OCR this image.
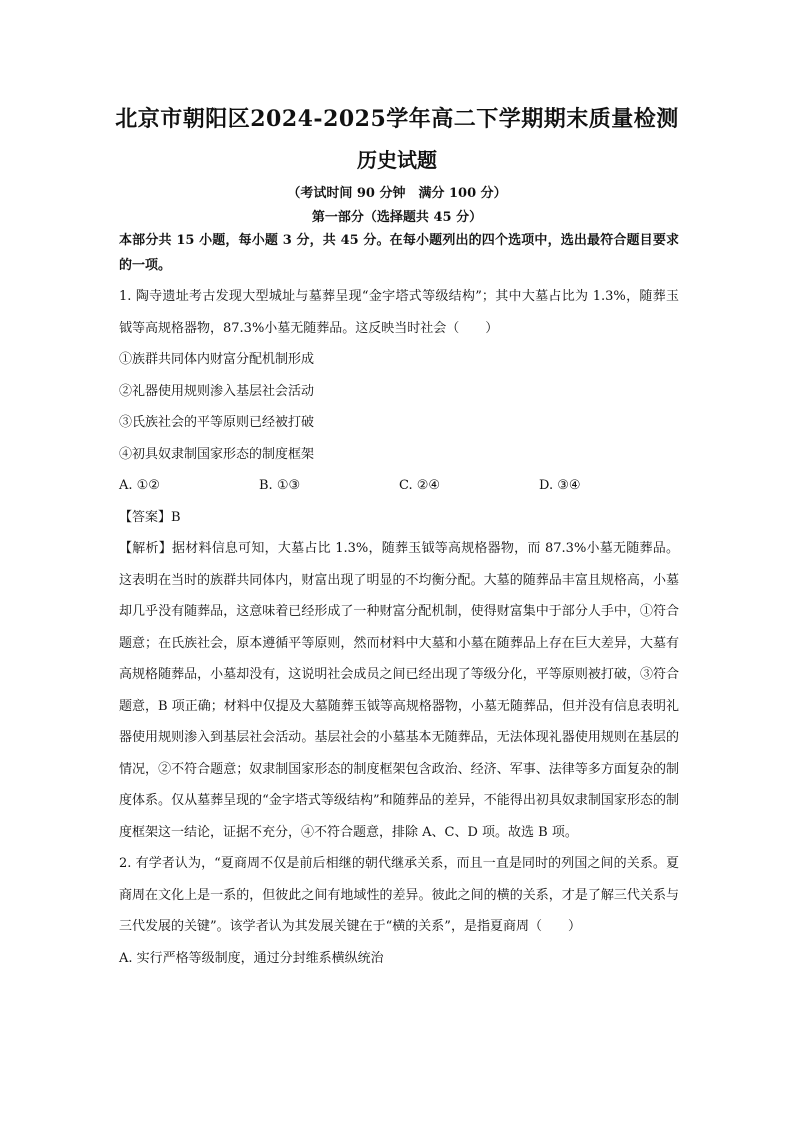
北京市朝阳区2024-2025学年高二下学期期末质量检测
历史试题
（考试时间 90 分钟　满分 100 分）
第一部分（选择题共 45 分）
本部分共 15 小题，每小题 3 分，共 45 分。在每小题列出的四个选项中，选出最符合题目要求的一项。
1. 陶寺遗址考古发现大型城址与墓葬呈现“金字塔式等级结构”；其中大墓占比为 1.3%，随葬玉钺等高规格器物，87.3%小墓无随葬品。这反映当时社会（　　）
①族群共同体内财富分配机制形成
②礼器使用规则渗入基层社会活动
③氏族社会的平等原则已经被打破
④初具奴隶制国家形态的制度框架
A. ①②	B. ①③	C. ②④	D. ③④
【答案】B
【解析】据材料信息可知，大墓占比 1.3%，随葬玉钺等高规格器物，而 87.3%小墓无随葬品。这表明在当时的族群共同体内，财富出现了明显的不均衡分配。大墓的随葬品丰富且规格高，小墓却几乎没有随葬品，这意味着已经形成了一种财富分配机制，使得财富集中于部分人手中，①符合题意；在氏族社会，原本遵循平等原则，然而材料中大墓和小墓在随葬品上存在巨大差异，大墓有高规格随葬品，小墓却没有，这说明社会成员之间已经出现了等级分化，平等原则被打破，③符合题意，B 项正确；材料中仅提及大墓随葬玉钺等高规格器物，小墓无随葬品，但并没有信息表明礼器使用规则渗入到基层社会活动。基层社会的小墓基本无随葬品，无法体现礼器使用规则在基层的情况，②不符合题意；奴隶制国家形态的制度框架包含政治、经济、军事、法律等多方面复杂的制度体系。仅从墓葬呈现的“金字塔式等级结构”和随葬品的差异，不能得出初具奴隶制国家形态的制度框架这一结论，证据不充分，④不符合题意，排除 A、C、D 项。故选 B 项。
2. 有学者认为，“夏商周不仅是前后相继的朝代继承关系，而且一直是同时的列国之间的关系。夏商周在文化上是一系的，但彼此之间有地域性的差异。彼此之间的横的关系，才是了解三代关系与三代发展的关键”。该学者认为其发展关键在于“横的关系”，是指夏商周（　　）
A. 实行严格等级制度，通过分封维系横纵统治
